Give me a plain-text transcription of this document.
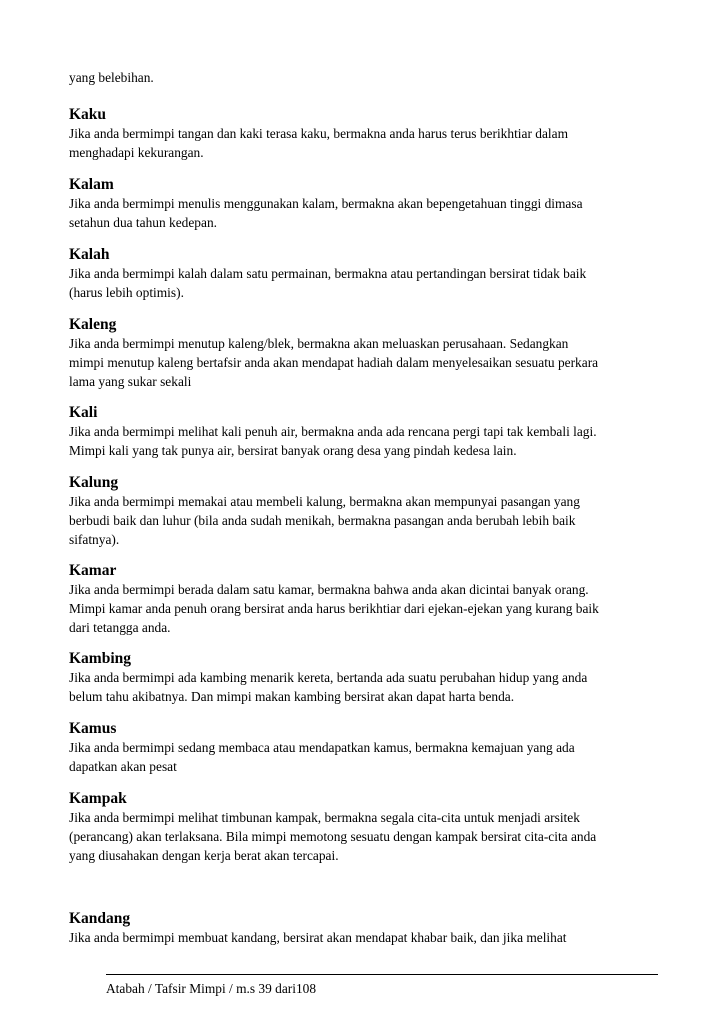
yang belebihan.
Kaku
Jika anda bermimpi tangan dan kaki terasa kaku, bermakna anda harus terus berikhtiar dalam
menghadapi kekurangan.
Kalam
Jika anda bermimpi menulis menggunakan kalam, bermakna akan bepengetahuan tinggi dimasa
setahun dua tahun kedepan.
Kalah
Jika anda bermimpi kalah dalam satu permainan, bermakna atau pertandingan bersirat tidak baik
(harus lebih optimis).
Kaleng
Jika anda bermimpi menutup kaleng/blek, bermakna akan meluaskan perusahaan. Sedangkan
mimpi menutup kaleng bertafsir anda akan mendapat hadiah dalam menyelesaikan sesuatu perkara
lama yang sukar sekali
Kali
Jika anda bermimpi melihat kali penuh air, bermakna anda ada rencana pergi tapi tak kembali lagi.
Mimpi kali yang tak punya air, bersirat banyak orang desa yang pindah kedesa lain.
Kalung
Jika anda bermimpi memakai atau membeli kalung, bermakna akan mempunyai pasangan yang
berbudi baik dan luhur (bila anda sudah menikah, bermakna pasangan anda berubah lebih baik
sifatnya).
Kamar
Jika anda bermimpi berada dalam satu kamar, bermakna bahwa anda akan dicintai banyak orang.
Mimpi kamar anda penuh orang bersirat anda harus berikhtiar dari ejekan-ejekan yang kurang baik
dari tetangga anda.
Kambing
Jika anda bermimpi ada kambing menarik kereta, bertanda ada suatu perubahan hidup yang anda
belum tahu akibatnya. Dan mimpi makan kambing bersirat akan dapat harta benda.
Kamus
Jika anda bermimpi sedang membaca atau mendapatkan kamus, bermakna kemajuan yang ada
dapatkan akan pesat
Kampak
Jika anda bermimpi melihat timbunan kampak, bermakna segala cita-cita untuk menjadi arsitek
(perancang) akan terlaksana. Bila mimpi memotong sesuatu dengan kampak bersirat cita-cita anda
yang diusahakan dengan kerja berat akan tercapai.
Kandang
Jika anda bermimpi membuat kandang, bersirat akan mendapat khabar baik, dan jika melihat
Atabah / Tafsir Mimpi / m.s 39 dari108
